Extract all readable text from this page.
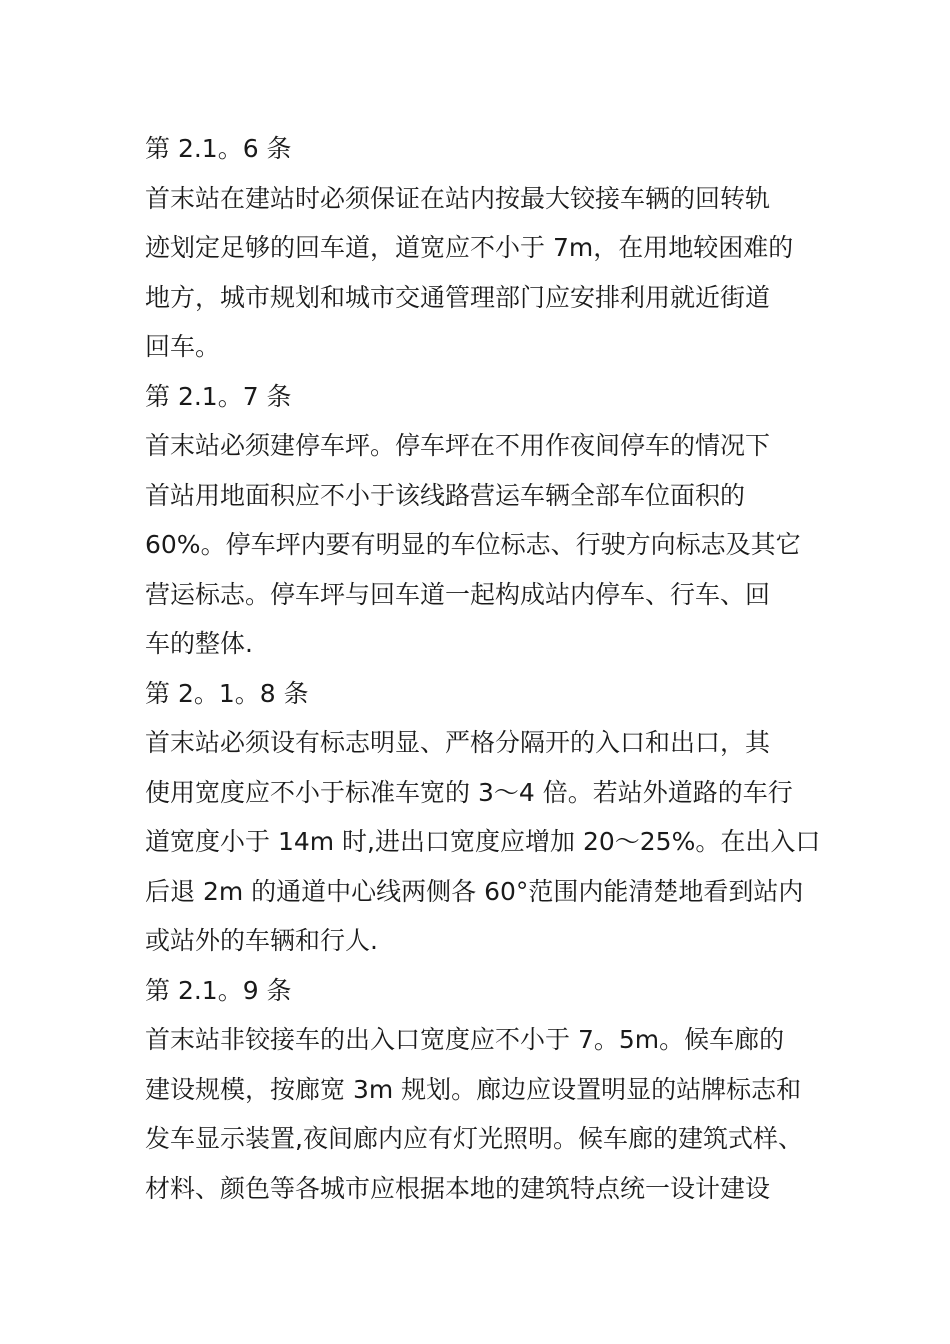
第 2.1。6 条
首末站在建站时必须保证在站内按最大铰接车辆的回转轨
迹划定足够的回车道，道宽应不小于 7m，在用地较困难的
地方，城市规划和城市交通管理部门应安排利用就近街道
回车。
第 2.1。7 条
首末站必须建停车坪。停车坪在不用作夜间停车的情况下
首站用地面积应不小于该线路营运车辆全部车位面积的
60%。停车坪内要有明显的车位标志、行驶方向标志及其它
营运标志。停车坪与回车道一起构成站内停车、行车、回
车的整体.
第 2。1。8 条
首末站必须设有标志明显、严格分隔开的入口和出口，其
使用宽度应不小于标准车宽的 3～4 倍。若站外道路的车行
道宽度小于 14m 时,进出口宽度应增加 20～25%。在出入口
后退 2m 的通道中心线两侧各 60°范围内能清楚地看到站内
或站外的车辆和行人.
第 2.1。9 条
首末站非铰接车的出入口宽度应不小于 7。5m。候车廊的
建设规模，按廊宽 3m 规划。廊边应设置明显的站牌标志和
发车显示装置,夜间廊内应有灯光照明。候车廊的建筑式样、
材料、颜色等各城市应根据本地的建筑特点统一设计建设
